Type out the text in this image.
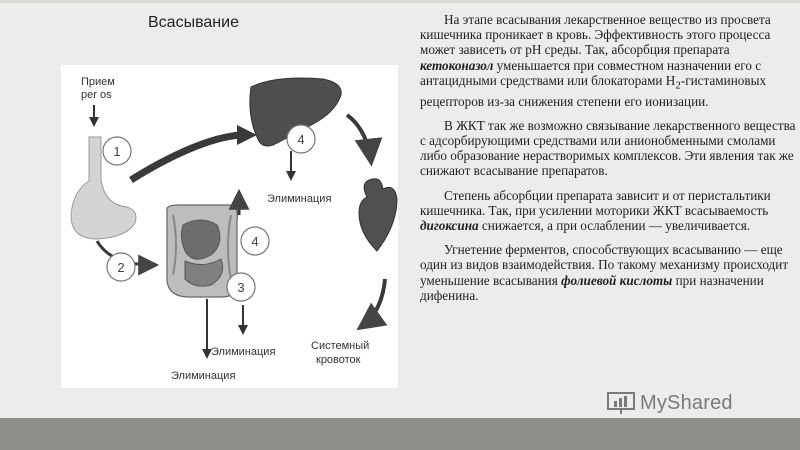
Всасывание
Прием
per os
1
2
Элиминация
3
Элиминация
4
4
Элиминация
Системный
кровоток

На этапе всасывания лекарственное вещество из просвета кишечника проникает в кровь. Эффективность этого процесса может зависеть от pH среды. Так, абсорбция препарата кетоконазол уменьшается при совместном назначении его с антацидными средствами или блокаторами $H_2$-гистаминовых рецепторов из-за снижения степени его ионизации.

В ЖКТ так же возможно связывание лекарственного вещества с адсорбирующими средствами или анионобменными смолами либо образование нерастворимых комплексов. Эти явления так же снижают всасывание препаратов.

Степень абсорбции препарата зависит и от перистальтики кишечника. Так, при усилении моторики ЖКТ всасываемость дигоксина снижается, а при ослаблении — увеличивается.

Угнетение ферментов, способствующих всасыванию — еще один из видов взаимодействия. По такому механизму происходит уменьшение всасывания фолиевой кислоты при назначении дифенина.

MyShared
